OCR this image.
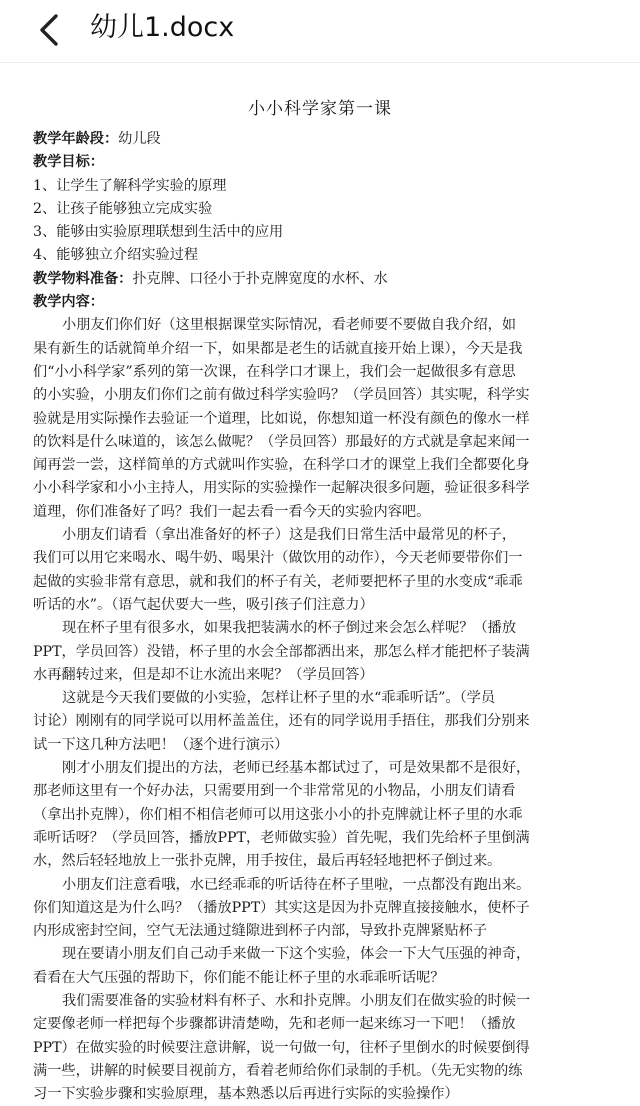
幼儿1.docx
小小科学家第一课
教学年龄段：幼儿段
教学目标：
1、让学生了解科学实验的原理
2、让孩子能够独立完成实验
3、能够由实验原理联想到生活中的应用
4、能够独立介绍实验过程
教学物料准备：扑克牌、口径小于扑克牌宽度的水杯、水
教学内容：
小朋友们你们好（这里根据课堂实际情况，看老师要不要做自我介绍，如
果有新生的话就简单介绍一下，如果都是老生的话就直接开始上课），今天是我
们“小小科学家”系列的第一次课，在科学口才课上，我们会一起做很多有意思
的小实验，小朋友们你们之前有做过科学实验吗？（学员回答）其实呢，科学实
验就是用实际操作去验证一个道理，比如说，你想知道一杯没有颜色的像水一样
的饮料是什么味道的，该怎么做呢？（学员回答）那最好的方式就是拿起来闻一
闻再尝一尝，这样简单的方式就叫作实验，在科学口才的课堂上我们全都要化身
小小科学家和小小主持人，用实际的实验操作一起解决很多问题，验证很多科学
道理，你们准备好了吗？我们一起去看一看今天的实验内容吧。
小朋友们请看（拿出准备好的杯子）这是我们日常生活中最常见的杯子，
我们可以用它来喝水、喝牛奶、喝果汁（做饮用的动作），今天老师要带你们一
起做的实验非常有意思，就和我们的杯子有关，老师要把杯子里的水变成“乖乖
听话的水”。（语气起伏要大一些，吸引孩子们注意力）
现在杯子里有很多水，如果我把装满水的杯子倒过来会怎么样呢？（播放
PPT，学员回答）没错，杯子里的水会全部都洒出来，那怎么样才能把杯子装满
水再翻转过来，但是却不让水流出来呢？（学员回答）
这就是今天我们要做的小实验，怎样让杯子里的水“乖乖听话”。（学员
讨论）刚刚有的同学说可以用杯盖盖住，还有的同学说用手捂住，那我们分别来
试一下这几种方法吧！（逐个进行演示）
刚才小朋友们提出的方法，老师已经基本都试过了，可是效果都不是很好，
那老师这里有一个好办法，只需要用到一个非常常见的小物品，小朋友们请看
（拿出扑克牌），你们相不相信老师可以用这张小小的扑克牌就让杯子里的水乖
乖听话呀？（学员回答，播放PPT，老师做实验）首先呢，我们先给杯子里倒满
水，然后轻轻地放上一张扑克牌，用手按住，最后再轻轻地把杯子倒过来。
小朋友们注意看哦，水已经乖乖的听话待在杯子里啦，一点都没有跑出来。
你们知道这是为什么吗？（播放PPT）其实这是因为扑克牌直接接触水，使杯子
内形成密封空间，空气无法通过缝隙进到杯子内部，导致扑克牌紧贴杯子
现在要请小朋友们自己动手来做一下这个实验，体会一下大气压强的神奇，
看看在大气压强的帮助下，你们能不能让杯子里的水乖乖听话呢？
我们需要准备的实验材料有杯子、水和扑克牌。小朋友们在做实验的时候一
定要像老师一样把每个步骤都讲清楚呦，先和老师一起来练习一下吧！（播放
PPT）在做实验的时候要注意讲解，说一句做一句，往杯子里倒水的时候要倒得
满一些，讲解的时候要目视前方，看着老师给你们录制的手机。（先无实物的练
习一下实验步骤和实验原理，基本熟悉以后再进行实际的实验操作）
